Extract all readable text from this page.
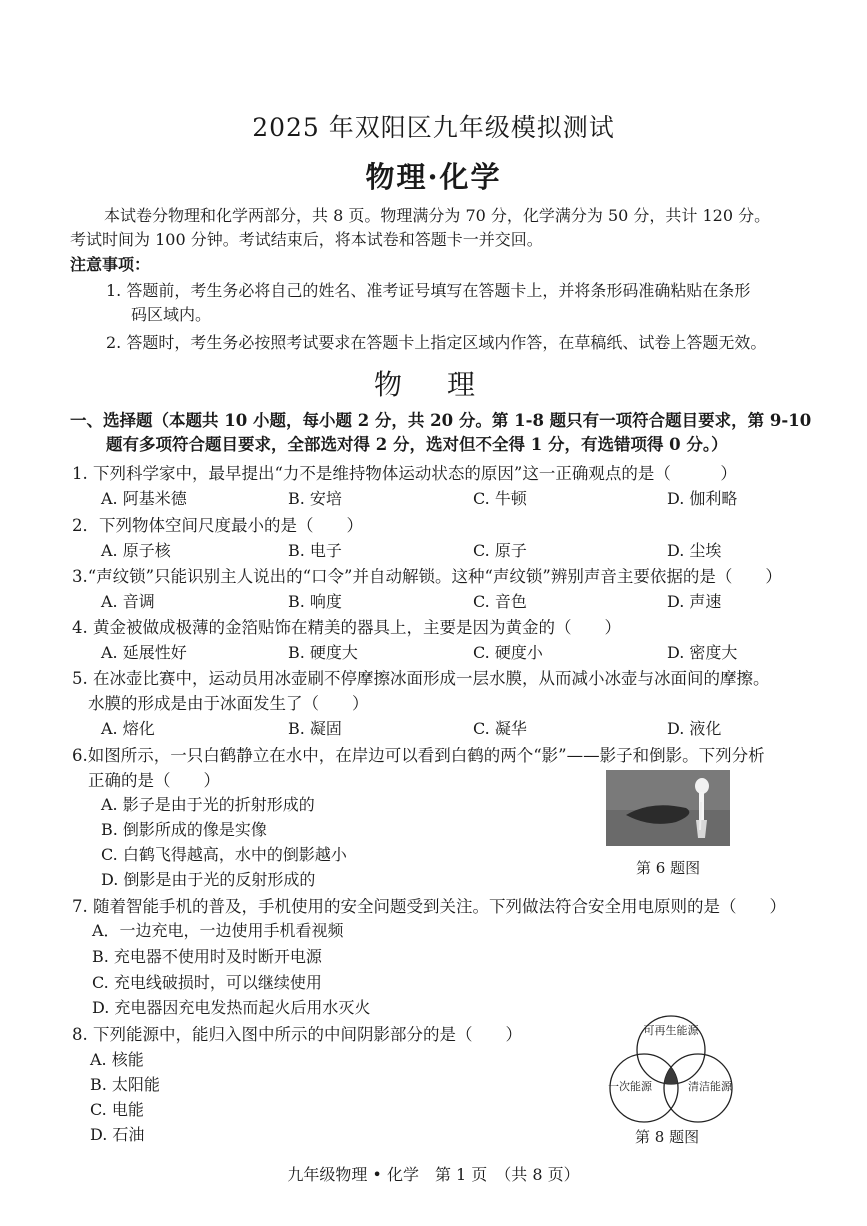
2025 年双阳区九年级模拟测试
物理·化学
本试卷分物理和化学两部分，共 8 页。物理满分为 70 分，化学满分为 50 分，共计 120 分。
考试时间为 100 分钟。考试结束后，将本试卷和答题卡一并交回。
注意事项：
1. 答题前，考生务必将自己的姓名、准考证号填写在答题卡上，并将条形码准确粘贴在条形
码区域内。
2. 答题时，考生务必按照考试要求在答题卡上指定区域内作答，在草稿纸、试卷上答题无效。
物 理
一、选择题（本题共 10 小题，每小题 2 分，共 20 分。第 1-8 题只有一项符合题目要求，第 9-10
题有多项符合题目要求，全部选对得 2 分，选对但不全得 1 分，有选错项得 0 分。）
1. 下列科学家中，最早提出“力不是维持物体运动状态的原因”这一正确观点的是（　　　）
A. 阿基米德	B. 安培	C. 牛顿	D. 伽利略
2．下列物体空间尺度最小的是（　　）
A. 原子核	B. 电子	C. 原子	D. 尘埃
3.“声纹锁”只能识别主人说出的“口令”并自动解锁。这种“声纹锁”辨别声音主要依据的是（　　）
A. 音调	B. 响度	C. 音色	D. 声速
4. 黄金被做成极薄的金箔贴饰在精美的器具上，主要是因为黄金的（　　）
A. 延展性好	B. 硬度大	C. 硬度小	D. 密度大
5. 在冰壶比赛中，运动员用冰壶刷不停摩擦冰面形成一层水膜，从而减小冰壶与冰面间的摩擦。
水膜的形成是由于冰面发生了（　　）
A. 熔化	B. 凝固	C. 凝华	D. 液化
6.如图所示，一只白鹤静立在水中，在岸边可以看到白鹤的两个“影”——影子和倒影。下列分析
正确的是（　　）
A. 影子是由于光的折射形成的
B. 倒影所成的像是实像
C. 白鹤飞得越高，水中的倒影越小
D. 倒影是由于光的反射形成的
第 6 题图
7. 随着智能手机的普及，手机使用的安全问题受到关注。下列做法符合安全用电原则的是（　　）
A．一边充电，一边使用手机看视频
B. 充电器不使用时及时断开电源
C. 充电线破损时，可以继续使用
D. 充电器因充电发热而起火后用水灭火
8. 下列能源中，能归入图中所示的中间阴影部分的是（　　）
A. 核能
B. 太阳能
C. 电能
D. 石油
可再生能源
一次能源	清洁能源
第 8 题图
九年级物理 • 化学　第 1 页　（共 8 页）
